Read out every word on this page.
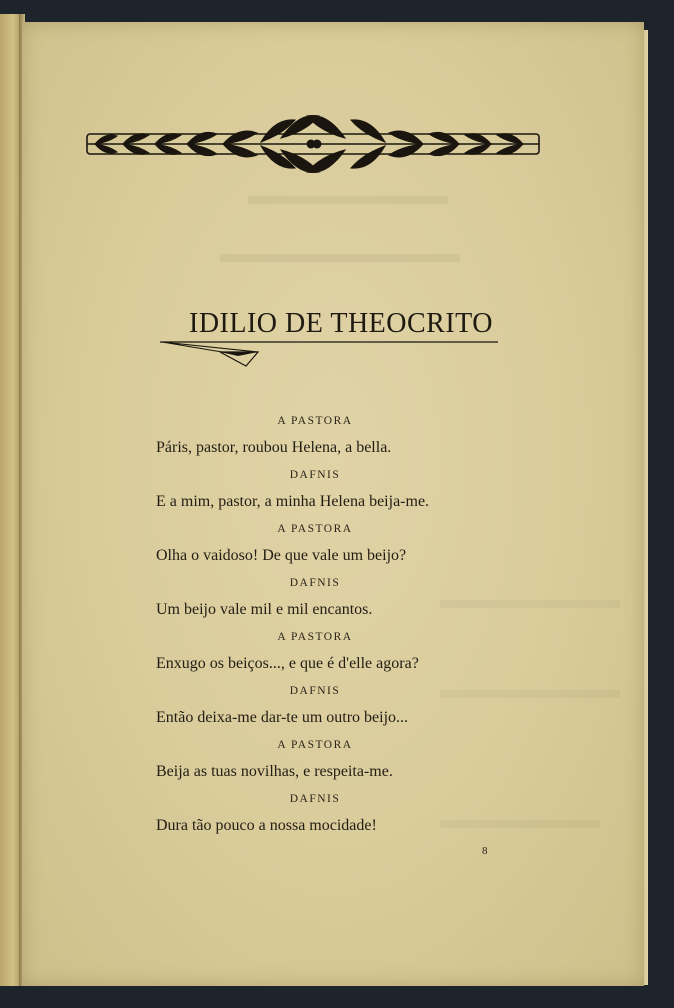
IDILIO DE THEOCRITO
A PASTORA
Páris, pastor, roubou Helena, a bella.
DAFNIS
E a mim, pastor, a minha Helena beija-me.
A PASTORA
Olha o vaidoso! De que vale um beijo?
DAFNIS
Um beijo vale mil e mil encantos.
A PASTORA
Enxugo os beiços..., e que é d'elle agora?
DAFNIS
Então deixa-me dar-te um outro beijo...
A PASTORA
Beija as tuas novilhas, e respeita-me.
DAFNIS
Dura tão pouco a nossa mocidade!
8
